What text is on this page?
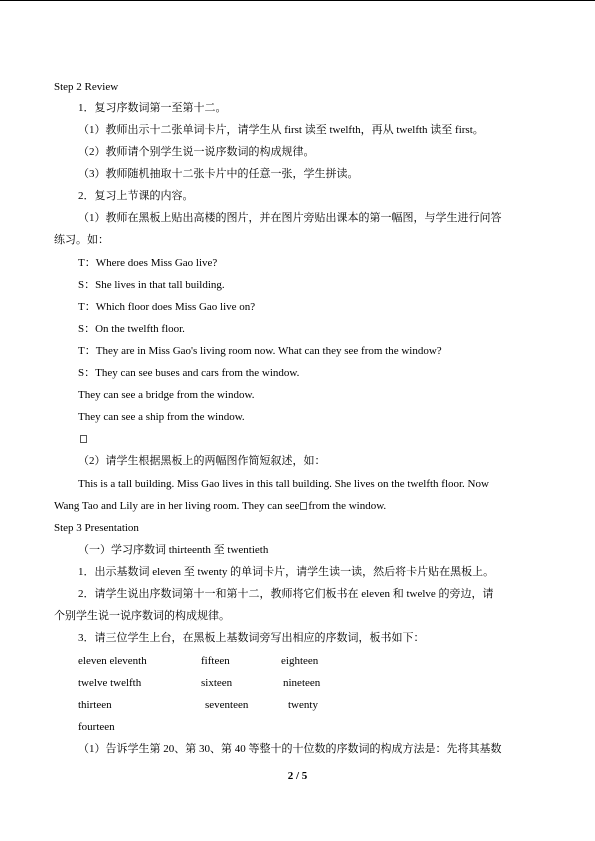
Step 2 Review
1．复习序数词第一至第十二。
（1）教师出示十二张单词卡片，请学生从 first 读至 twelfth，再从 twelfth 读至 first。
（2）教师请个别学生说一说序数词的构成规律。
（3）教师随机抽取十二张卡片中的任意一张，学生拼读。
2．复习上节课的内容。
（1）教师在黑板上贴出高楼的图片，并在图片旁贴出课本的第一幅图，与学生进行问答
练习。如：
T：Where does Miss Gao live?
S：She lives in that tall building.
T：Which floor does Miss Gao live on?
S：On the twelfth floor.
T：They are in Miss Gao's living room now. What can they see from the window?
S：They can see buses and cars from the window.
They can see a bridge from the window.
They can see a ship from the window.
（2）请学生根据黑板上的两幅图作简短叙述，如：
This is a tall building. Miss Gao lives in this tall building. She lives on the twelfth floor. Now
Wang Tao and Lily are in her living room. They can see from the window.
Step 3 Presentation
（一）学习序数词 thirteenth 至 twentieth
1．出示基数词 eleven 至 twenty 的单词卡片，请学生读一读，然后将卡片贴在黑板上。
2．请学生说出序数词第十一和第十二，教师将它们板书在 eleven 和 twelve 的旁边，请
个别学生说一说序数词的构成规律。
3．请三位学生上台，在黑板上基数词旁写出相应的序数词，板书如下：
eleven eleventh	fifteen	eighteen
twelve twelfth	sixteen	nineteen
thirteen	seventeen	twenty
fourteen
（1）告诉学生第 20、第 30、第 40 等整十的十位数的序数词的构成方法是：先将其基数
2 / 5
